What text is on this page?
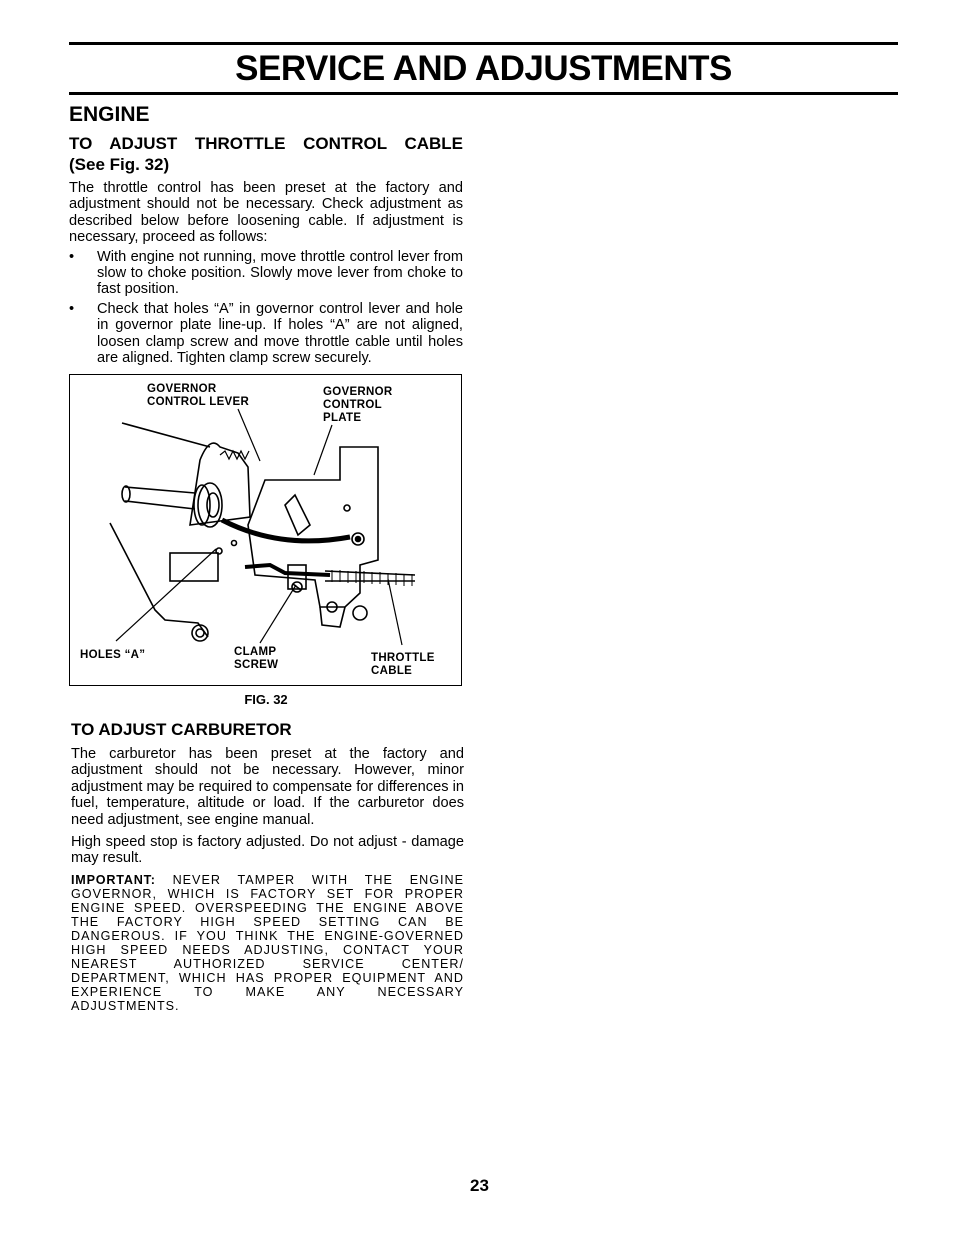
SERVICE AND ADJUSTMENTS
ENGINE
TO ADJUST THROTTLE CONTROL CABLE
(See Fig. 32)

The throttle control has been preset at the factory and adjustment should not be necessary. Check adjustment as described below before loosening cable. If adjustment is necessary, proceed as follows:

• With engine not running, move throttle control lever from slow to choke position. Slowly move lever from choke to fast position.
• Check that holes “A” in governor control lever and hole in governor plate line-up. If holes “A” are not aligned, loosen clamp screw and move throttle cable until holes are aligned. Tighten clamp screw securely.
GOVERNOR
CONTROL LEVER
GOVERNOR
CONTROL
PLATE
HOLES “A”	CLAMP
SCREW
THROTTLE
CABLE
FIG. 32
TO ADJUST CARBURETOR

The carburetor has been preset at the factory and adjustment should not be necessary. However, minor adjustment may be required to compensate for differences in fuel, temperature, altitude or load. If the carburetor does need adjustment, see engine manual.

High speed stop is factory adjusted. Do not adjust - damage may result.

IMPORTANT: NEVER TAMPER WITH THE ENGINE GOVERNOR, WHICH IS FACTORY SET FOR PROPER ENGINE SPEED. OVERSPEEDING THE ENGINE ABOVE THE FACTORY HIGH SPEED SETTING CAN BE DANGEROUS. IF YOU THINK THE ENGINE-GOVERNED HIGH SPEED NEEDS ADJUSTING, CONTACT YOUR NEAREST AUTHORIZED SERVICE CENTER/ DEPARTMENT, WHICH HAS PROPER EQUIPMENT AND EXPERIENCE TO MAKE ANY NECESSARY ADJUSTMENTS.

23
